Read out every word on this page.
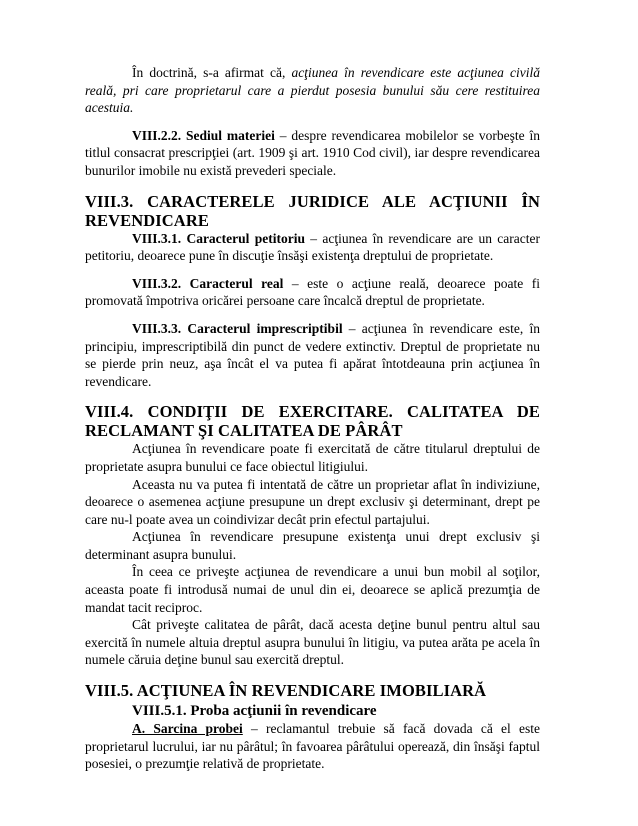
În doctrină, s-a afirmat că, acţiunea în revendicare este acţiunea civilă reală, pri care proprietarul care a pierdut posesia bunului său cere restituirea acestuia.

VIII.2.2. Sediul materiei – despre revendicarea mobilelor se vorbeşte în titlul consacrat prescripţiei (art. 1909 şi art. 1910 Cod civil), iar despre revendicarea bunurilor imobile nu există prevederi speciale.

VIII.3. CARACTERELE JURIDICE ALE ACŢIUNII ÎN REVENDICARE

VIII.3.1. Caracterul petitoriu – acţiunea în revendicare are un caracter petitoriu, deoarece pune în discuţie însăşi existenţa dreptului de proprietate.

VIII.3.2. Caracterul real – este o acţiune reală, deoarece poate fi promovată împotriva oricărei persoane care încalcă dreptul de proprietate.

VIII.3.3. Caracterul imprescriptibil – acţiunea în revendicare este, în principiu, imprescriptibilă din punct de vedere extinctiv. Dreptul de proprietate nu se pierde prin neuz, aşa încât el va putea fi apărat întotdeauna prin acţiunea în revendicare.

VIII.4. CONDIŢII DE EXERCITARE. CALITATEA DE RECLAMANT ŞI CALITATEA DE PÂRÂT

Acţiunea în revendicare poate fi exercitată de către titularul dreptului de proprietate asupra bunului ce face obiectul litigiului.

Aceasta nu va putea fi intentată de către un proprietar aflat în indiviziune, deoarece o asemenea acţiune presupune un drept exclusiv şi determinant, drept pe care nu-l poate avea un coindivizar decât prin efectul partajului.

Acţiunea în revendicare presupune existenţa unui drept exclusiv şi determinant asupra bunului.

În ceea ce priveşte acţiunea de revendicare a unui bun mobil al soţilor, aceasta poate fi introdusă numai de unul din ei, deoarece se aplică prezumţia de mandat tacit reciproc.

Cât priveşte calitatea de pârât, dacă acesta deţine bunul pentru altul sau exercită în numele altuia dreptul asupra bunului în litigiu, va putea arăta pe acela în numele căruia deţine bunul sau exercită dreptul.

VIII.5. ACŢIUNEA ÎN REVENDICARE IMOBILIARĂ
VIII.5.1. Proba acţiunii în revendicare

A. Sarcina probei – reclamantul trebuie să facă dovada că el este proprietarul lucrului, iar nu pârâtul; în favoarea pârâtului operează, din însăşi faptul posesiei, o prezumţie relativă de proprietate.
